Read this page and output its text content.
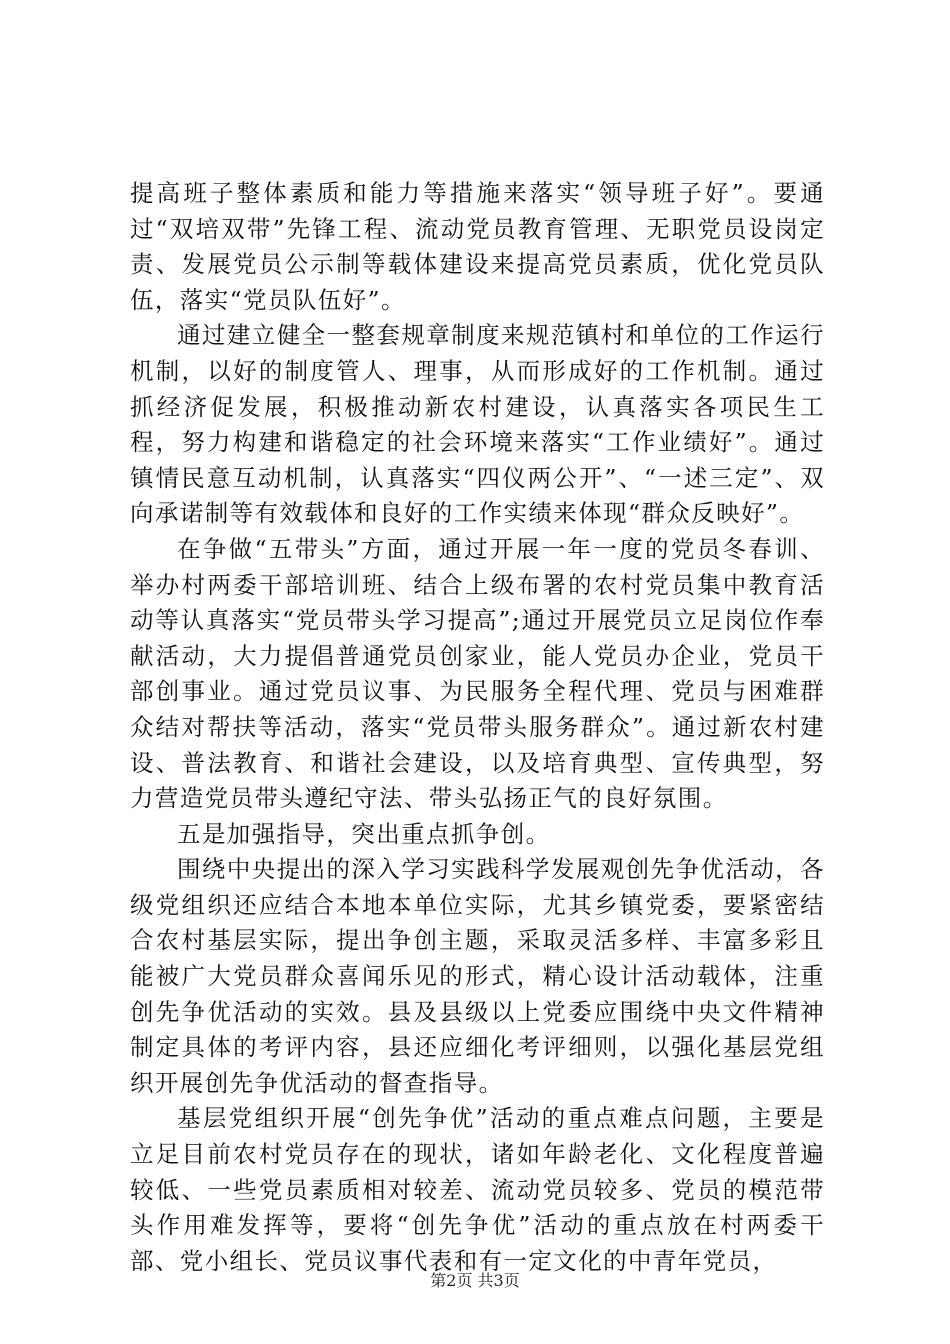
提高班子整体素质和能力等措施来落实“领导班子好”。要通过“双培双带”先锋工程、流动党员教育管理、无职党员设岗定责、发展党员公示制等载体建设来提高党员素质，优化党员队伍，落实“党员队伍好”。

通过建立健全一整套规章制度来规范镇村和单位的工作运行机制，以好的制度管人、理事，从而形成好的工作机制。通过抓经济促发展，积极推动新农村建设，认真落实各项民生工程，努力构建和谐稳定的社会环境来落实“工作业绩好”。通过镇情民意互动机制，认真落实“四仪两公开”、“一述三定”、双向承诺制等有效载体和良好的工作实绩来体现“群众反映好”。

在争做“五带头”方面，通过开展一年一度的党员冬春训、举办村两委干部培训班、结合上级布署的农村党员集中教育活动等认真落实“党员带头学习提高”;通过开展党员立足岗位作奉献活动，大力提倡普通党员创家业，能人党员办企业，党员干部创事业。通过党员议事、为民服务全程代理、党员与困难群众结对帮扶等活动，落实“党员带头服务群众”。通过新农村建设、普法教育、和谐社会建设，以及培育典型、宣传典型，努力营造党员带头遵纪守法、带头弘扬正气的良好氛围。

五是加强指导，突出重点抓争创。

围绕中央提出的深入学习实践科学发展观创先争优活动，各级党组织还应结合本地本单位实际，尤其乡镇党委，要紧密结合农村基层实际，提出争创主题，采取灵活多样、丰富多彩且能被广大党员群众喜闻乐见的形式，精心设计活动载体，注重创先争优活动的实效。县及县级以上党委应围绕中央文件精神制定具体的考评内容，县还应细化考评细则，以强化基层党组织开展创先争优活动的督查指导。

基层党组织开展“创先争优”活动的重点难点问题，主要是立足目前农村党员存在的现状，诸如年龄老化、文化程度普遍较低、一些党员素质相对较差、流动党员较多、党员的模范带头作用难发挥等，要将“创先争优”活动的重点放在村两委干部、党小组长、党员议事代表和有一定文化的中青年党员，

第2页 共3页
